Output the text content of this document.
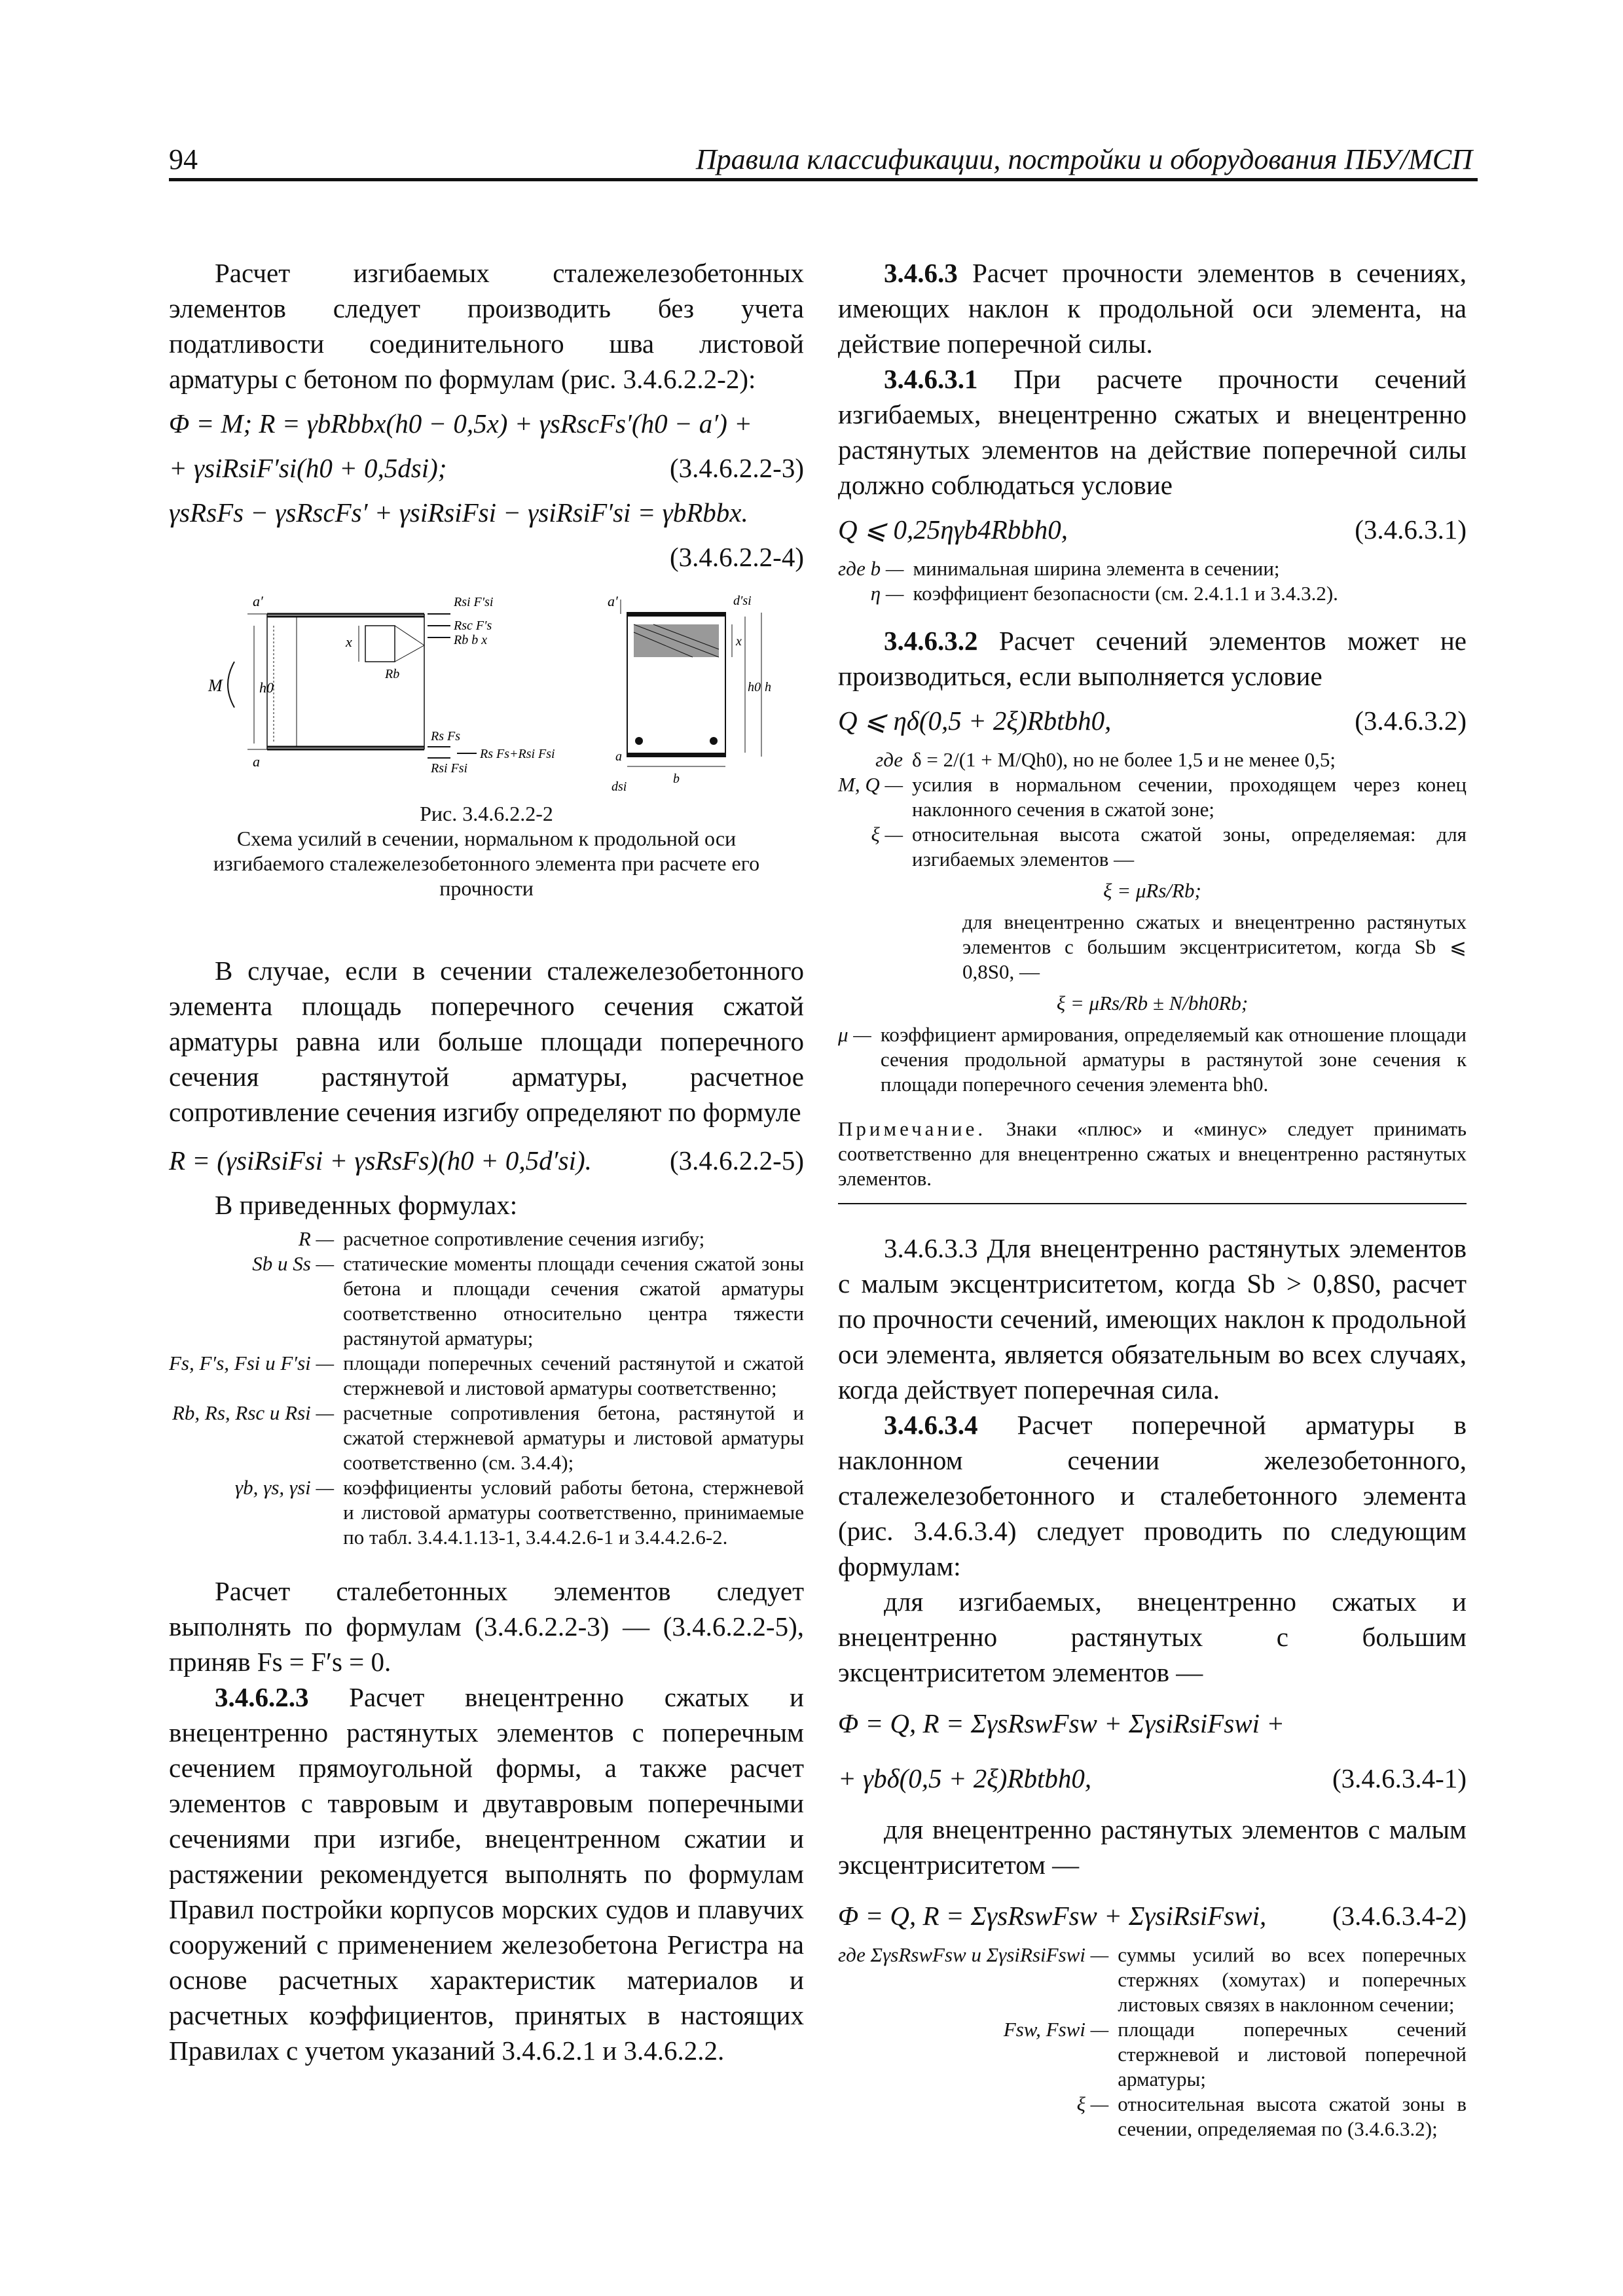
94	Правила классификации, постройки и оборудования ПБУ/МСП

Расчет изгибаемых сталежелезобетонных элементов следует производить без учета податливости соединительного шва листовой арматуры с бетоном по формулам (рис. 3.4.6.2.2-2):

Φ = M; R = γbRbbx(h0 − 0,5x) + γsRscFs′(h0 − a′) +
+ γsiRsiF′si(h0 + 0,5dsi);	(3.4.6.2.2-3)
γsRsFs − γsRscFs′ + γsiRsiFsi − γsiRsiF′si = γbRbbx.
(3.4.6.2.2-4)
M	h0
a′
a
x
Rb
Rsi F′si
Rsc F′s
Rb b x
Rs Fs
Rsi Fsi
Rs Fs+Rsi Fsi
a′	d′si
x
h0 h
b
a
dsi
Рис. 3.4.6.2.2-2
Схема усилий в сечении, нормальном к продольной оси изгибаемого сталежелезобетонного элемента при расчете его прочности

В случае, если в сечении сталежелезобетонного элемента площадь поперечного сечения сжатой арматуры равна или больше площади поперечного сечения растянутой арматуры, расчетное сопротивление сечения изгибу определяют по формуле

R = (γsiRsiFsi + γsRsFs)(h0 + 0,5d′si).	(3.4.6.2.2-5)

В приведенных формулах:

R — расчетное сопротивление сечения изгибу;
Sb и Ss — статические моменты площади сечения сжатой зоны бетона и площади сечения сжатой арматуры соответственно относительно центра тяжести растянутой арматуры;
Fs, F′s, Fsi и F′si — площади поперечных сечений растянутой и сжатой стержневой и листовой арматуры соответственно;
Rb, Rs, Rsc и Rsi — расчетные сопротивления бетона, растянутой и сжатой стержневой арматуры и листовой арматуры соответственно (см. 3.4.4);
γb, γs, γsi — коэффициенты условий работы бетона, стержневой и листовой арматуры соответственно, принимаемые по табл. 3.4.4.1.13-1, 3.4.4.2.6-1 и 3.4.4.2.6-2.

Расчет сталебетонных элементов следует выполнять по формулам (3.4.6.2.2-3) — (3.4.6.2.2-5), приняв Fs = F′s = 0.

3.4.6.2.3 Расчет внецентренно сжатых и внецентренно растянутых элементов с поперечным сечением прямоугольной формы, а также расчет элементов с тавровым и двутавровым поперечными сечениями при изгибе, внецентренном сжатии и растяжении рекомендуется выполнять по формулам Правил постройки корпусов морских судов и плавучих сооружений с применением железобетона Регистра на основе расчетных характеристик материалов и расчетных коэффициентов, принятых в настоящих Правилах с учетом указаний 3.4.6.2.1 и 3.4.6.2.2.

3.4.6.3 Расчет прочности элементов в сечениях, имеющих наклон к продольной оси элемента, на действие поперечной силы.

3.4.6.3.1 При расчете прочности сечений изгибаемых, внецентренно сжатых и внецентренно растянутых элементов на действие поперечной силы должно соблюдаться условие

Q ⩽ 0,25ηγb4Rbbh0,	(3.4.6.3.1)
где b — минимальная ширина элемента в сечении;
η — коэффициент безопасности (см. 2.4.1.1 и 3.4.3.2).

3.4.6.3.2 Расчет сечений элементов может не производиться, если выполняется условие

Q ⩽ ηδ(0,5 + 2ξ)Rbtbh0,	(3.4.6.3.2)
где δ = 2/(1 + M/Qh0), но не более 1,5 и не менее 0,5;
M, Q — усилия в нормальном сечении, проходящем через конец наклонного сечения в сжатой зоне;
ξ — относительная высота сжатой зоны, определяемая: для изгибаемых элементов —
ξ = μRs/Rb;
для внецентренно сжатых и внецентренно растянутых элементов с большим эксцентриситетом, когда Sb ⩽ 0,8S0, —
ξ = μRs/Rb ± N/bh0Rb;
μ — коэффициент армирования, определяемый как отношение площади сечения продольной арматуры в растянутой зоне сечения к площади поперечного сечения элемента bh0.
Примечание. Знаки «плюс» и «минус» следует принимать соответственно для внецентренно сжатых и внецентренно растянутых элементов.

3.4.6.3.3 Для внецентренно растянутых элементов с малым эксцентриситетом, когда Sb > 0,8S0, расчет по прочности сечений, имеющих наклон к продольной оси элемента, является обязательным во всех случаях, когда действует поперечная сила.

3.4.6.3.4 Расчет поперечной арматуры в наклонном сечении железобетонного, сталежелезобетонного и сталебетонного элемента (рис. 3.4.6.3.4) следует проводить по следующим формулам:

для изгибаемых, внецентренно сжатых и внецентренно растянутых с большим эксцентриситетом элементов —

Φ = Q, R = ΣγsRswFsw + ΣγsiRsiFswi +
+ γbδ(0,5 + 2ξ)Rbtbh0,	(3.4.6.3.4-1)

для внецентренно растянутых элементов с малым эксцентриситетом —

Φ = Q, R = ΣγsRswFsw + ΣγsiRsiFswi, (3.4.6.3.4-2)
где ΣγsRswFsw и ΣγsiRsiFswi — суммы усилий во всех поперечных стержнях (хомутах) и поперечных листовых связях в наклонном сечении;
Fsw, Fswi — площади поперечных сечений стержневой и листовой поперечной арматуры;
ξ — относительная высота сжатой зоны в сечении, определяемая по (3.4.6.3.2);
